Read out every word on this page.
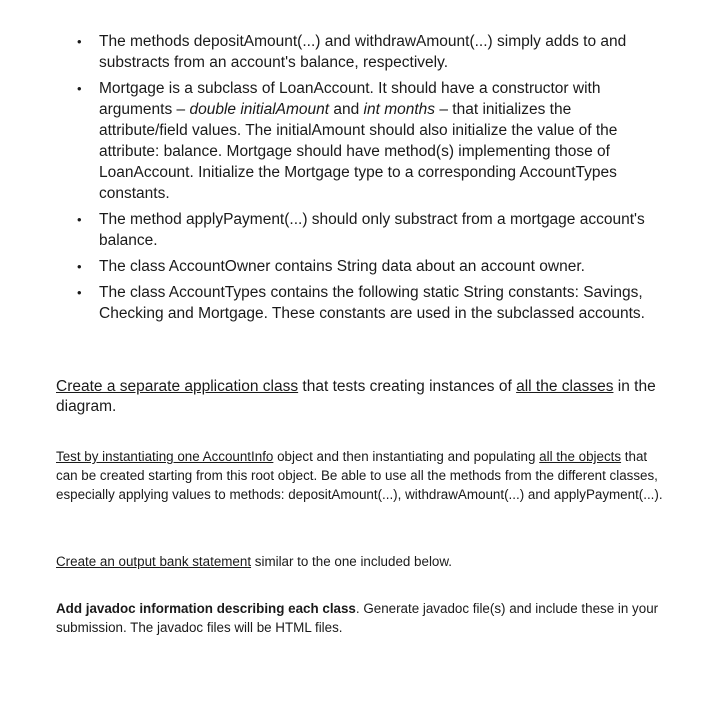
• The methods depositAmount(...) and withdrawAmount(...) simply adds to and substracts from an account's balance, respectively.
• Mortgage is a subclass of LoanAccount. It should have a constructor with arguments – double initialAmount and int months – that initializes the attribute/field values. The initialAmount should also initialize the value of the attribute: balance. Mortgage should have method(s) implementing those of LoanAccount. Initialize the Mortgage type to a corresponding AccountTypes constants.
• The method applyPayment(...) should only substract from a mortgage account's balance.
• The class AccountOwner contains String data about an account owner.
• The class AccountTypes contains the following static String constants: Savings, Checking and Mortgage. These constants are used in the subclassed accounts.
Create a separate application class that tests creating instances of all the classes in the diagram.
Test by instantiating one AccountInfo object and then instantiating and populating all the objects that can be created starting from this root object. Be able to use all the methods from the different classes, especially applying values to methods: depositAmount(...), withdrawAmount(...) and applyPayment(...).
Create an output bank statement similar to the one included below.
Add javadoc information describing each class. Generate javadoc file(s) and include these in your submission. The javadoc files will be HTML files.
